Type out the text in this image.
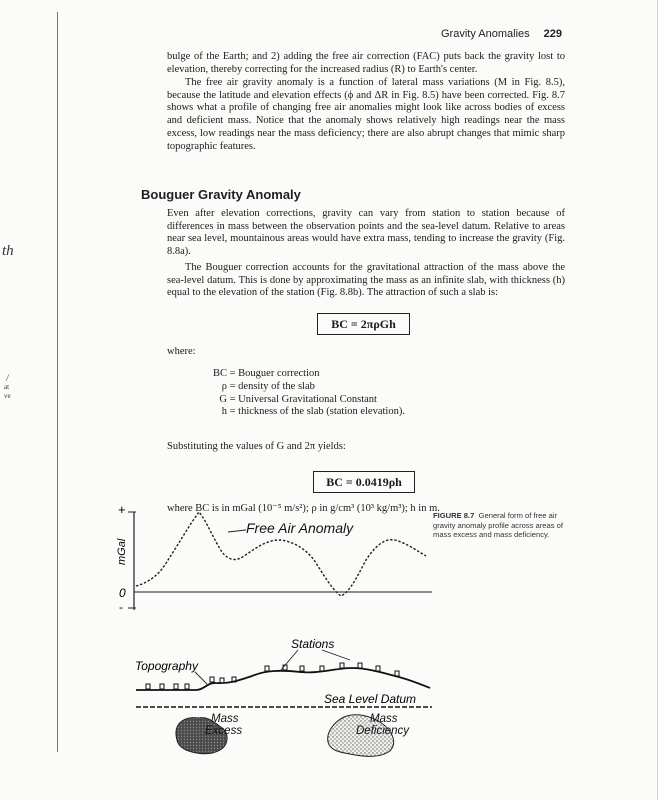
th
/
at
ve
Gravity Anomalies 229

bulge of the Earth; and 2) adding the free air correction (FAC) puts back the gravity lost to elevation, thereby correcting for the increased radius (R) to Earth's center.

The free air gravity anomaly is a function of lateral mass variations (M in Fig. 8.5), because the latitude and elevation effects (ϕ and ΔR in Fig. 8.5) have been corrected. Fig. 8.7 shows what a profile of changing free air anomalies might look like across bodies of excess and deficient mass. Notice that the anomaly shows relatively high readings near the mass excess, low readings near the mass deficiency; there are also abrupt changes that mimic sharp topographic features.

Bouguer Gravity Anomaly

Even after elevation corrections, gravity can vary from station to station because of differences in mass between the observation points and the sea-level datum. Relative to areas near sea level, mountainous areas would have extra mass, tending to increase the gravity (Fig. 8.8a).

The Bouguer correction accounts for the gravitational attraction of the mass above the sea-level datum. This is done by approximating the mass as an infinite slab, with thickness (h) equal to the elevation of the station (Fig. 8.8b). The attraction of such a slab is:

BC = 2πρGh
where:
BC = Bouguer correction
ρ = density of the slab
G = Universal Gravitational Constant
h = thickness of the slab (station elevation).

Substituting the values of G and 2π yields:

BC = 0.0419ρh

where BC is in mGal (10⁻⁵ m/s²); ρ in g/cm³ (10³ kg/m³); h in m.

FIGURE 8.7 General form of free air gravity anomaly profile across areas of mass excess and mass deficiency.
+
0
-
mGal
Free Air Anomaly
Stations
Topography
Sea Level Datum
Mass
Excess
Mass
Deficiency
